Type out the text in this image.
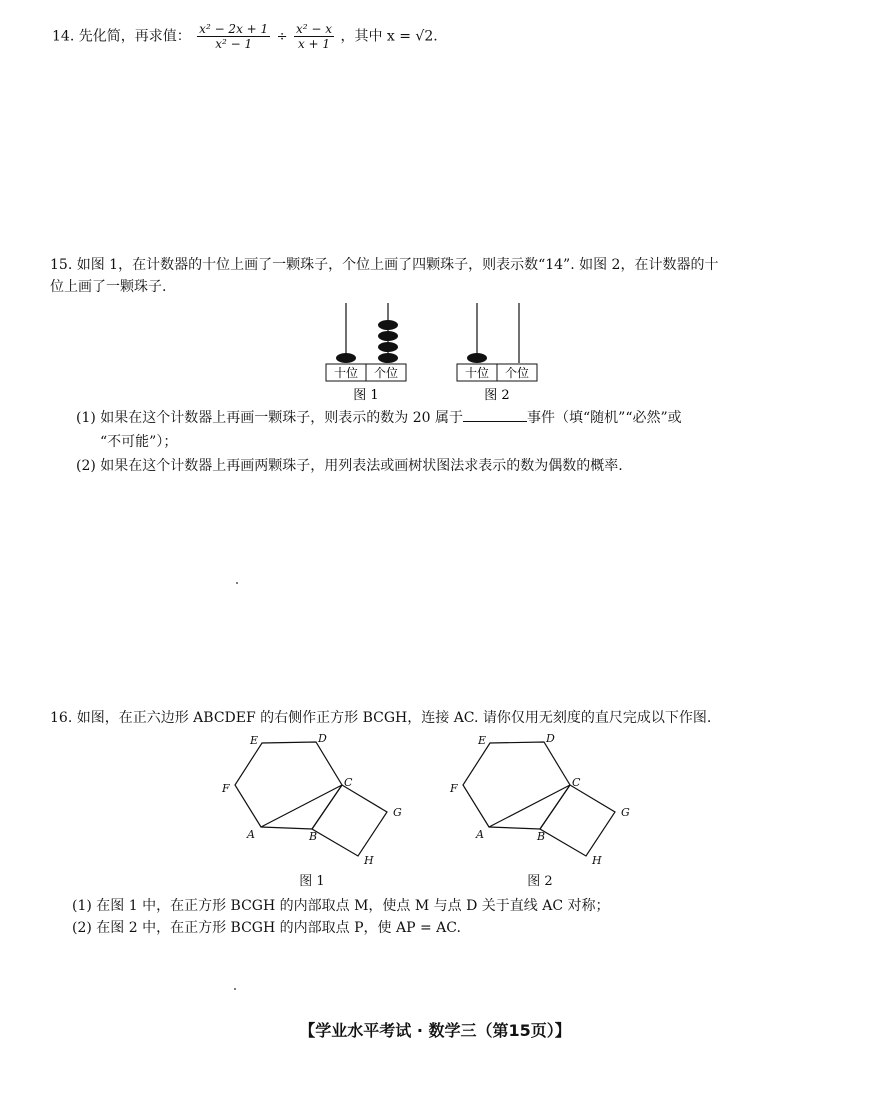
14. 先化简，再求值： $\frac{\text{x² − 2x + 1}}{\text{x² − 1}} \div \frac{\text{x² − x}}{x + 1}$ ，其中 x = √2.
15. 如图 1，在计数器的十位上画了一颗珠子，个位上画了四颗珠子，则表示数“14”. 如图 2，在计数器的十
位上画了一颗珠子.
十位 个位
图 1
十位 个位
图 2
(1) 如果在这个计数器上再画一颗珠子，则表示的数为 20 属于	事件（填“随机”“必然”或
“不可能”）；
(2) 如果在这个计数器上再画两颗珠子，用列表法或画树状图法求表示的数为偶数的概率.
16. 如图，在正六边形 ABCDEF 的右侧作正方形 BCGH，连接 AC. 请你仅用无刻度的直尺完成以下作图.
E	D
F	C
G
A	B
H
图 1
E	D
F	C
G
A	B
H
图 2
(1) 在图 1 中，在正方形 BCGH 的内部取点 M，使点 M 与点 D 关于直线 AC 对称；
(2) 在图 2 中，在正方形 BCGH 的内部取点 P，使 AP = AC.
【学业水平考试 · 数学三（第15页）】
